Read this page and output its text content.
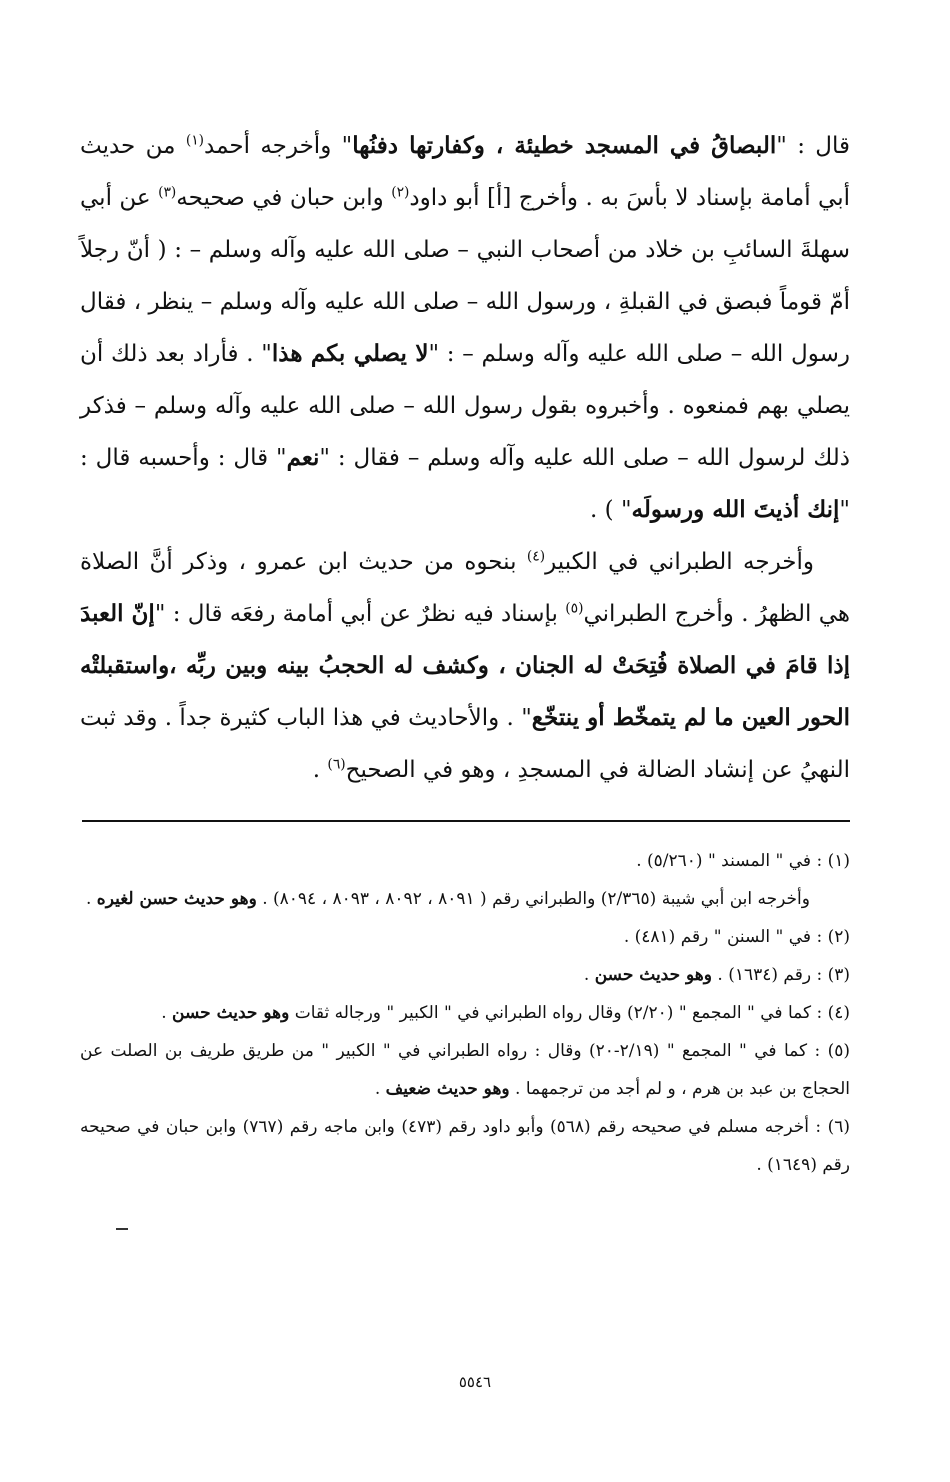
قال : "البصاقُ في المسجد خطيئة ، وكفارتها دفنُها" وأخرجه أحمد$^{(١)}$ من حديث أبي أمامة بإسناد لا بأسَ به . وأخرج [أ] أبو داود$^{(٢)}$ وابن حبان في صحيحه$^{(٣)}$ عن أبي سهلةَ السائبِ بن خلاد من أصحاب النبي – صلى الله عليه وآله وسلم – : ( أنّ رجلاً أمّ قوماً فبصق في القبلةِ ، ورسول الله – صلى الله عليه وآله وسلم – ينظر ، فقال رسول الله – صلى الله عليه وآله وسلم – : "لا يصلي بكم هذا" . فأراد بعد ذلك أن يصلي بهم فمنعوه . وأخبروه بقول رسول الله – صلى الله عليه وآله وسلم – فذكر ذلك لرسول الله – صلى الله عليه وآله وسلم – فقال : "نعم" قال : وأحسبه قال : "إنك أذيتَ الله ورسولَه" ) .

وأخرجه الطبراني في الكبير$^{(٤)}$ بنحوه من حديث ابن عمرو ، وذكر أنَّ الصلاة هي الظهرُ . وأخرج الطبراني$^{(٥)}$ بإسناد فيه نظرٌ عن أبي أمامة رفعَه قال : "إنّ العبدَ إذا قامَ في الصلاة فُتِحَتْ له الجنان ، وكشف له الحجبُ بينه وبين ربِّه ،واستقبلتْه الحور العين ما لم يتمخّط أو ينتخّع" . والأحاديث في هذا الباب كثيرة جداً . وقد ثبت النهيُ عن إنشاد الضالة في المسجدِ ، وهو في الصحيح$^{(٦)}$ .

(١) : في " المسند " (٥/٢٦٠) .

وأخرجه ابن أبي شيبة (٢/٣٦٥) والطبراني رقم ( ٨٠٩١ ، ٨٠٩٢ ، ٨٠٩٣ ، ٨٠٩٤) . وهو حديث حسن لغيره .

(٢) : في " السنن " رقم (٤٨١) .

(٣) : رقم (١٦٣٤) . وهو حديث حسن .

(٤) : كما في " المجمع " (٢/٢٠) وقال رواه الطبراني في " الكبير " ورجاله ثقات وهو حديث حسن .

(٥) : كما في " المجمع " (٢/١٩-٢٠) وقال : رواه الطبراني في " الكبير " من طريق طريف بن الصلت عن الحجاج بن عبد بن هرم ، و لم أجد من ترجمهما . وهو حديث ضعيف .

(٦) : أخرجه مسلم في صحيحه رقم (٥٦٨) وأبو داود رقم (٤٧٣) وابن ماجه رقم (٧٦٧) وابن حبان في صحيحه رقم (١٦٤٩) .

٥٥٤٦
